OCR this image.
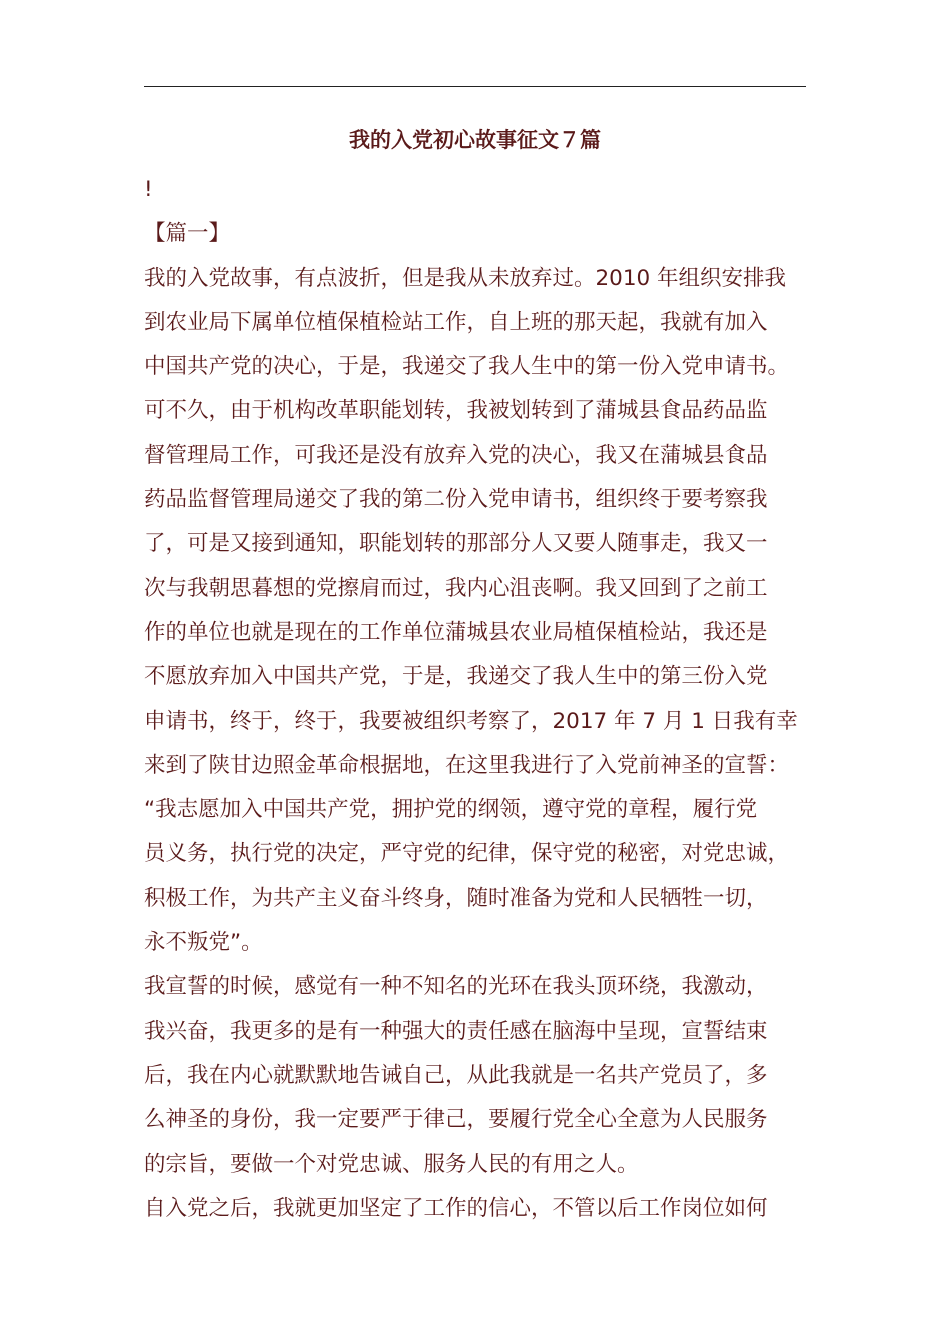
我的入党初心故事征文７篇
!
【篇一】
我的入党故事，有点波折，但是我从未放弃过。2010 年组织安排我
到农业局下属单位植保植检站工作，自上班的那天起，我就有加入
中国共产党的决心，于是，我递交了我人生中的第一份入党申请书。
可不久，由于机构改革职能划转，我被划转到了蒲城县食品药品监
督管理局工作，可我还是没有放弃入党的决心，我又在蒲城县食品
药品监督管理局递交了我的第二份入党申请书，组织终于要考察我
了，可是又接到通知，职能划转的那部分人又要人随事走，我又一
次与我朝思暮想的党擦肩而过，我内心沮丧啊。我又回到了之前工
作的单位也就是现在的工作单位蒲城县农业局植保植检站，我还是
不愿放弃加入中国共产党，于是，我递交了我人生中的第三份入党
申请书，终于，终于，我要被组织考察了，2017 年 7 月 1 日我有幸
来到了陕甘边照金革命根据地，在这里我进行了入党前神圣的宣誓：
“我志愿加入中国共产党，拥护党的纲领，遵守党的章程，履行党
员义务，执行党的决定，严守党的纪律，保守党的秘密，对党忠诚，
积极工作，为共产主义奋斗终身，随时准备为党和人民牺牲一切，
永不叛党”。
我宣誓的时候，感觉有一种不知名的光环在我头顶环绕，我激动，
我兴奋，我更多的是有一种强大的责任感在脑海中呈现，宣誓结束
后，我在内心就默默地告诫自己，从此我就是一名共产党员了，多
么神圣的身份，我一定要严于律己，要履行党全心全意为人民服务
的宗旨，要做一个对党忠诚、服务人民的有用之人。
自入党之后，我就更加坚定了工作的信心，不管以后工作岗位如何
